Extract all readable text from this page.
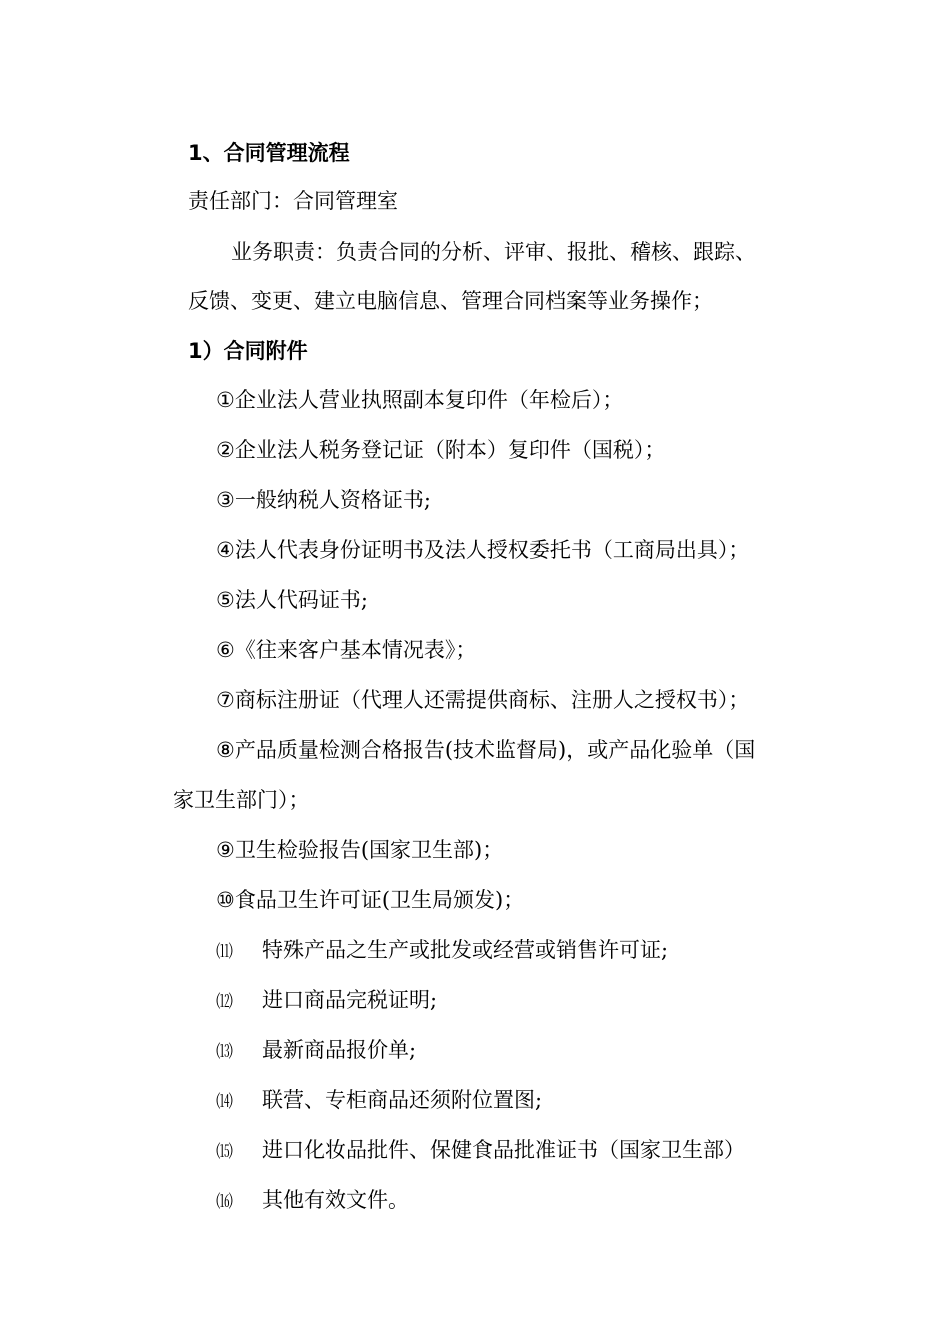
1、合同管理流程
责任部门：合同管理室
业务职责：负责合同的分析、评审、报批、稽核、跟踪、
反馈、变更、建立电脑信息、管理合同档案等业务操作；
1）合同附件
①企业法人营业执照副本复印件（年检后）；
②企业法人税务登记证（附本）复印件（国税）；
③一般纳税人资格证书;
④法人代表身份证明书及法人授权委托书（工商局出具）；
⑤法人代码证书;
⑥《往来客户基本情况表》；
⑦商标注册证（代理人还需提供商标、注册人之授权书）；
⑧产品质量检测合格报告(技术监督局)，或产品化验单（国
家卫生部门）；
⑨卫生检验报告(国家卫生部)；
⑩食品卫生许可证(卫生局颁发)；
⑾ 特殊产品之生产或批发或经营或销售许可证;
⑿ 进口商品完税证明;
⒀ 最新商品报价单;
⒁ 联营、专柜商品还须附位置图;
⒂ 进口化妆品批件、保健食品批准证书（国家卫生部）
⒃ 其他有效文件。
